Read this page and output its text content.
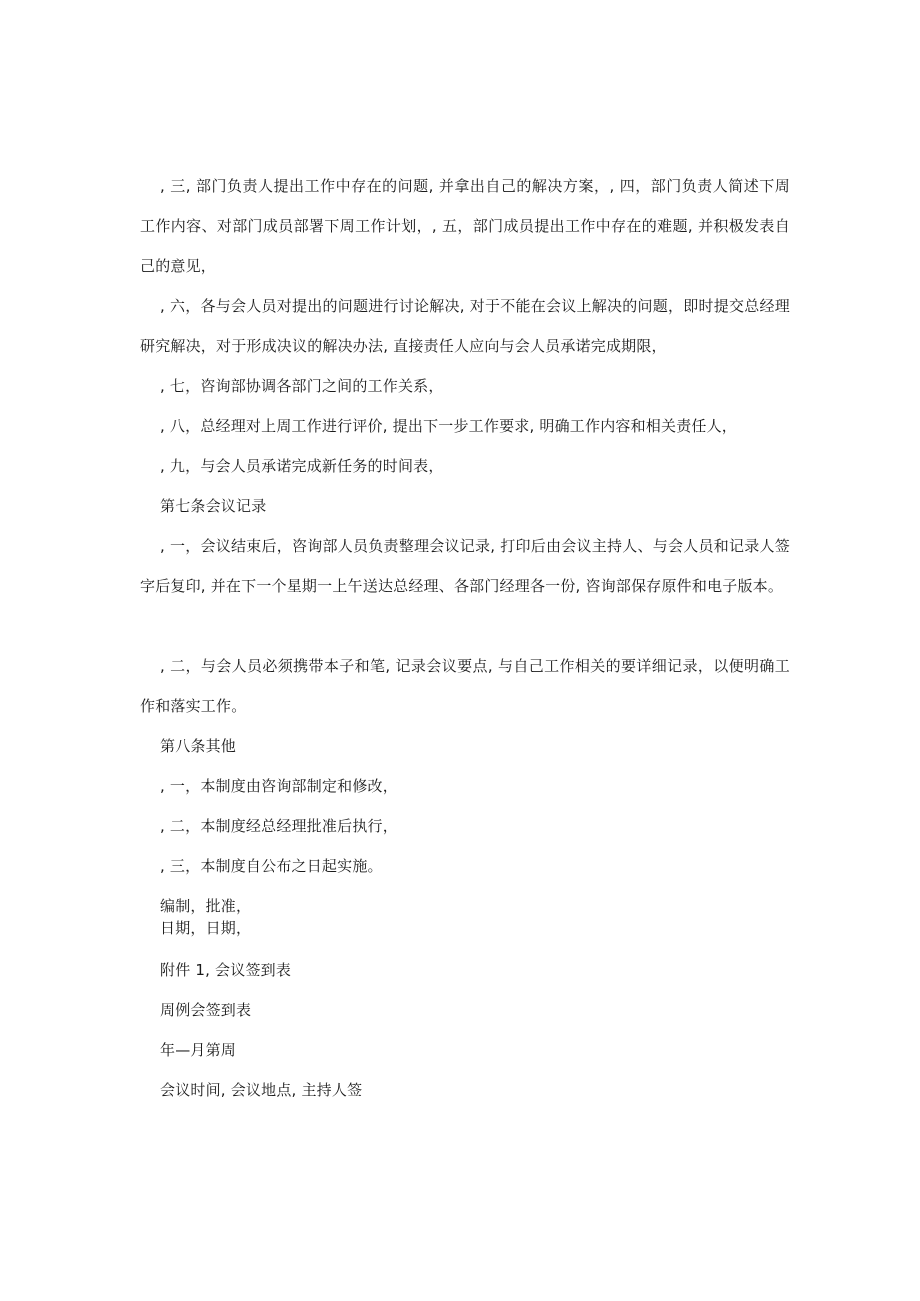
, 三, 部门负责人提出工作中存在的问题, 并拿出自己的解决方案，, 四，部门负责人简述下周工作内容、对部门成员部署下周工作计划，, 五，部门成员提出工作中存在的难题, 并积极发表自己的意见，

, 六，各与会人员对提出的问题进行讨论解决, 对于不能在会议上解决的问题，即时提交总经理研究解决，对于形成决议的解决办法, 直接责任人应向与会人员承诺完成期限，

, 七，咨询部协调各部门之间的工作关系，

, 八，总经理对上周工作进行评价, 提出下一步工作要求, 明确工作内容和相关责任人，

, 九，与会人员承诺完成新任务的时间表，

第七条会议记录

, 一，会议结束后，咨询部人员负责整理会议记录, 打印后由会议主持人、与会人员和记录人签字后复印, 并在下一个星期一上午送达总经理、各部门经理各一份, 咨询部保存原件和电子版本。

, 二，与会人员必须携带本子和笔, 记录会议要点, 与自己工作相关的要详细记录，以便明确工作和落实工作。

第八条其他

, 一，本制度由咨询部制定和修改，

, 二，本制度经总经理批准后执行，

, 三，本制度自公布之日起实施。

编制，批准，

日期，日期，

附件 1, 会议签到表

周例会签到表

年—月第周

会议时间, 会议地点, 主持人签
